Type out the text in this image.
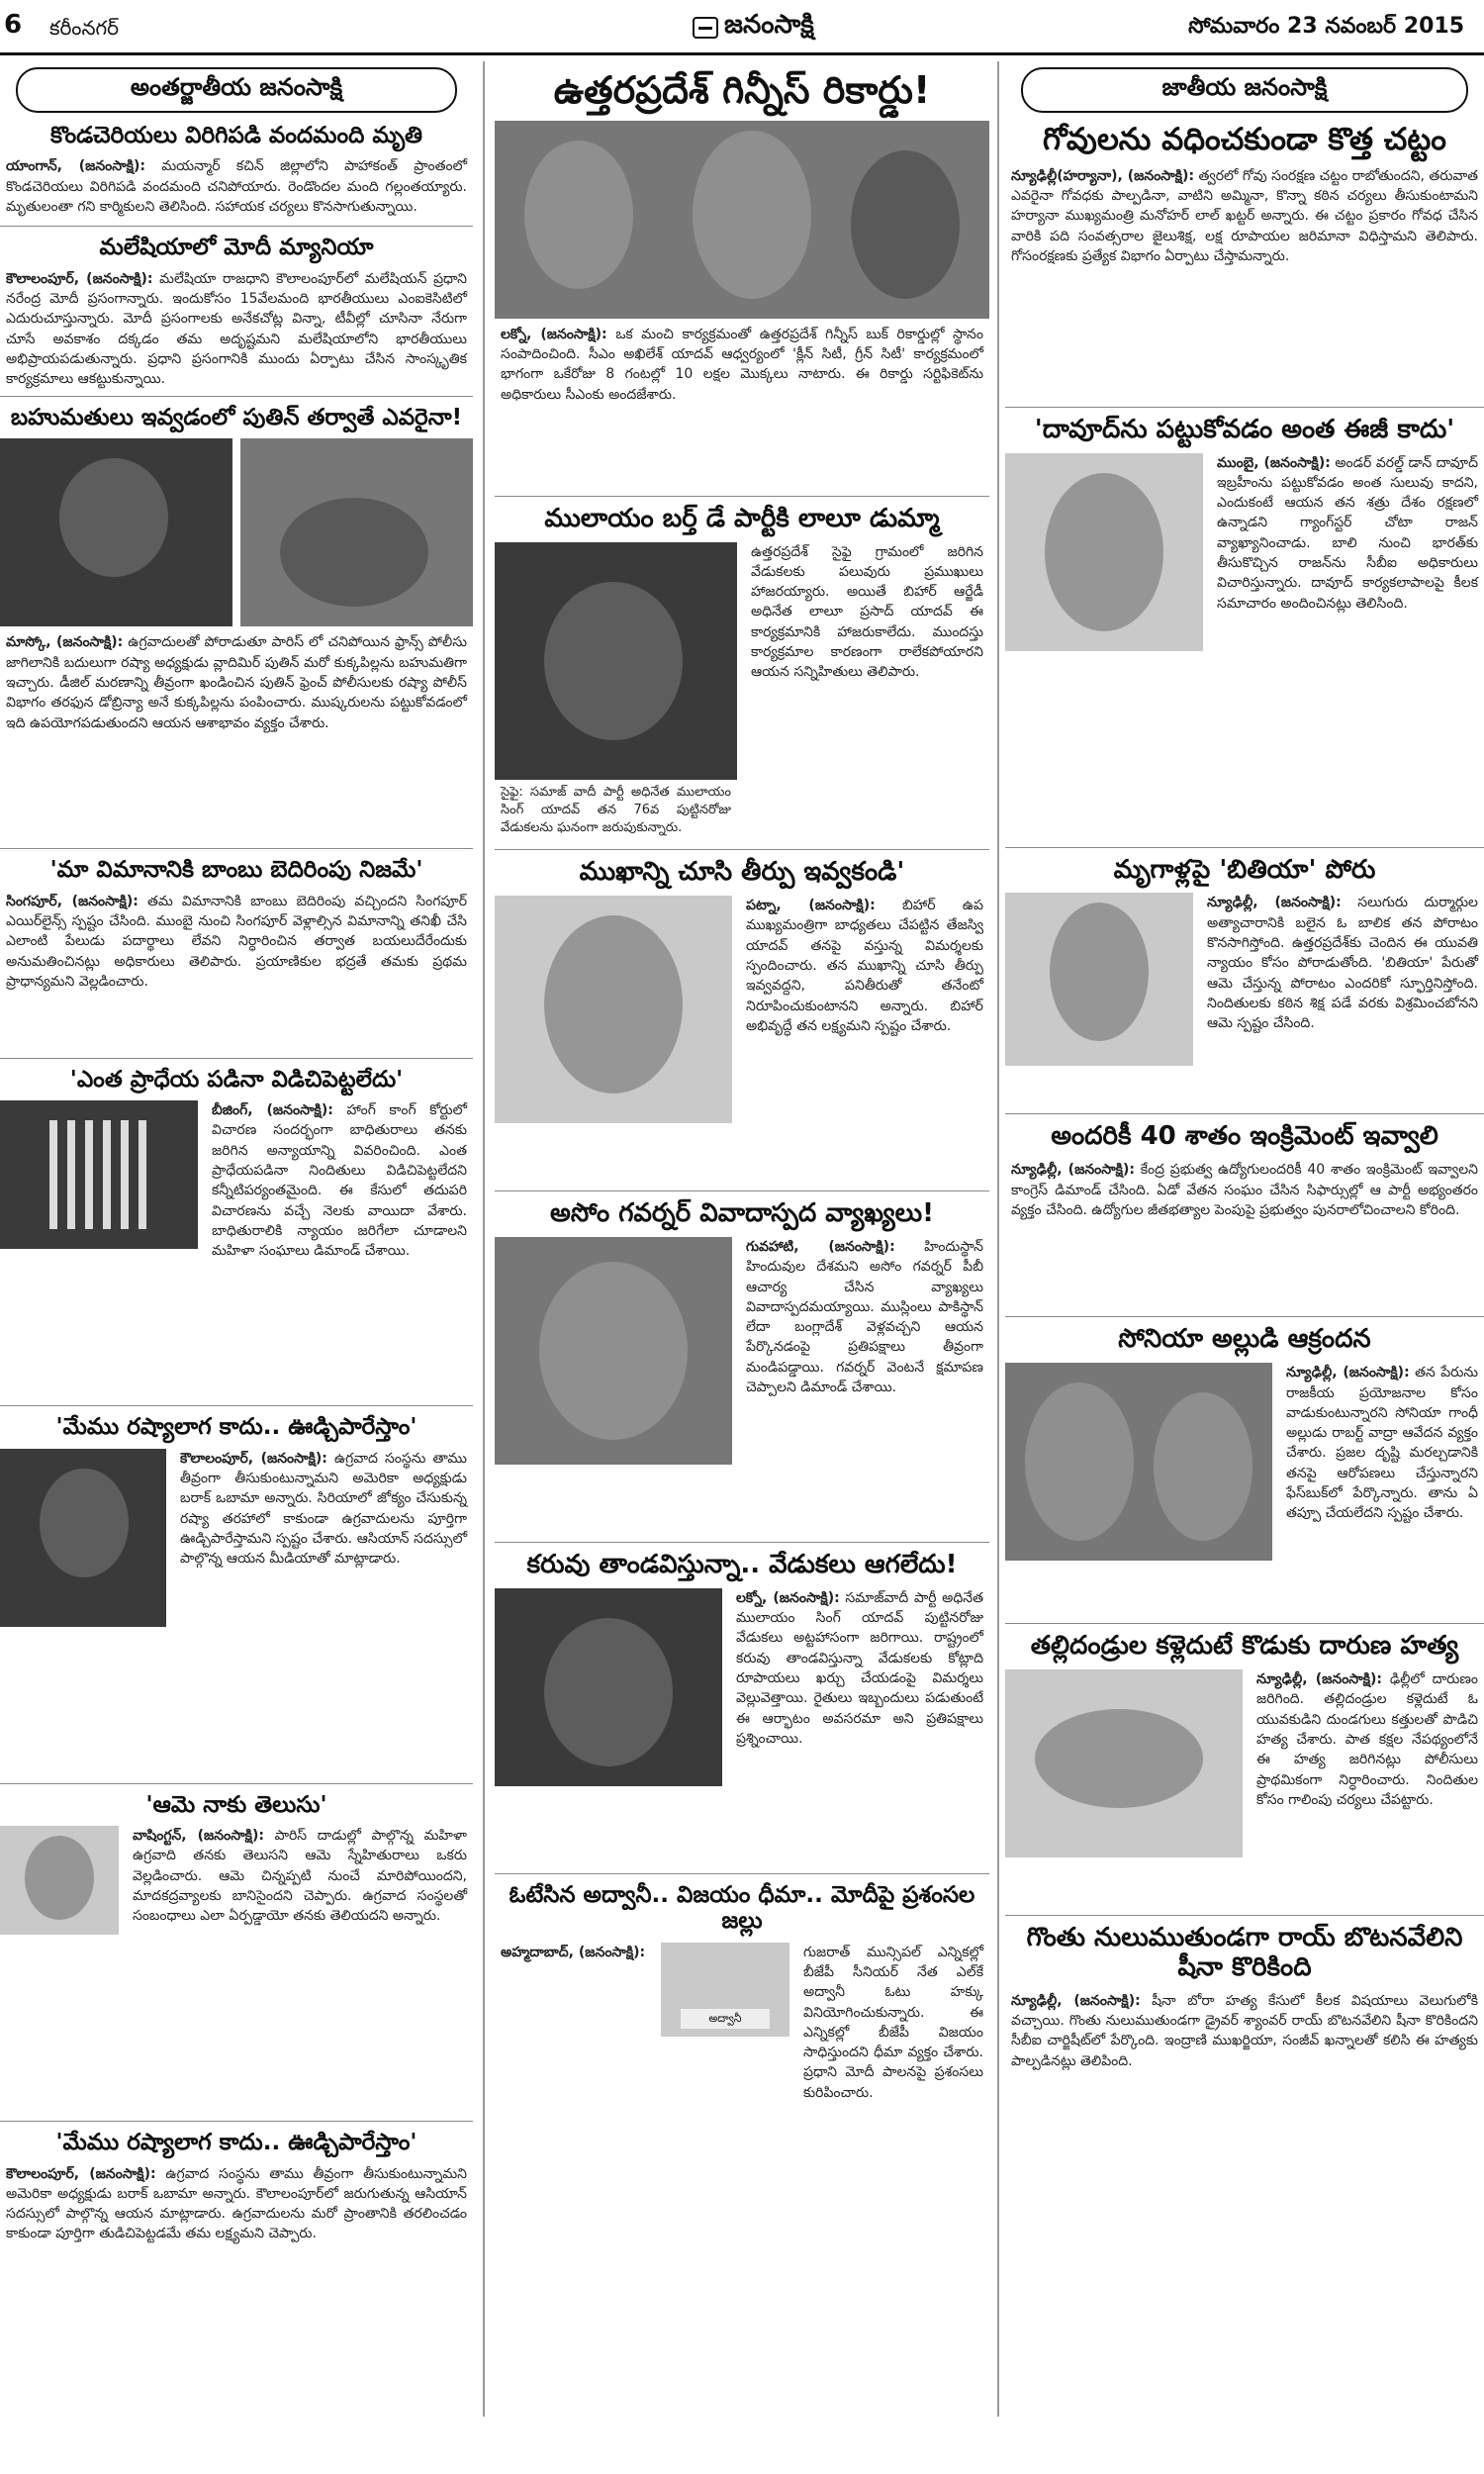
6 కరీంనగర్	జనంసాక్షి	సోమవారం 23 నవంబర్ 2015
అంతర్జాతీయ జనంసాక్షి
కొండచెరియలు విరిగిపడి వందమంది మృతి
యాంగాన్‌, (జనంసాక్షి): మయన్మార్‌ కచిన్‌ జిల్లాలోని పాహాకంత్‌ ప్రాంతంలో కొండచెరియలు విరిగిపడి వందమంది చనిపోయారు. రెండొందల మంది గల్లంతయ్యారు. మృతులంతా గని కార్మికులని తెలిసింది. సహాయక చర్యలు కొనసాగుతున్నాయి.
మలేషియాలో మోదీ మ్యానియా
కౌలాలంపూర్‌, (జనంసాక్షి): మలేషియా రాజధాని కౌలాలంపూర్‌లో మలేషియన్‌ ప్రధాని నరేంద్ర మోదీ ప్రసంగాన్నారు. ఇందుకోసం 15వేలమంది భారతీయులు ఎంఐకెసిటిలో ఎదురుచూస్తున్నారు. మోదీ ప్రసంగాలకు అనేకచోట్ల విన్నా, టీవీల్లో చూసినా నేరుగా చూసే అవకాశం దక్కడం తమ అదృష్టమని మలేషియాలోని భారతీయులు అభిప్రాయపడుతున్నారు. ప్రధాని ప్రసంగానికి ముందు ఏర్పాటు చేసిన సాంస్కృతిక కార్యక్రమాలు ఆకట్టుకున్నాయి.
బహుమతులు ఇవ్వడంలో పుతిన్‌ తర్వాతే ఎవరైనా!
మాస్కో, (జనంసాక్షి): ఉగ్రవాదులతో పోరాడుతూ పారిస్‌ లో చనిపోయిన ఫ్రాన్స్‌ పోలీసు జాగిలానికి బదులుగా రష్యా అధ్యక్షుడు వ్లాదిమిర్‌ పుతిన్‌ మరో కుక్కపిల్లను బహుమతిగా ఇచ్చారు. డీజిల్‌ మరణాన్ని తీవ్రంగా ఖండించిన పుతిన్‌ ఫ్రెంచ్‌ పోలీసులకు రష్యా పోలీస్‌ విభాగం తరఫున డోబ్రిన్యా అనే కుక్కపిల్లను పంపించారు. ముష్కరులను పట్టుకోవడంలో ఇది ఉపయోగపడుతుందని ఆయన ఆశాభావం వ్యక్తం చేశారు.
'మా విమానానికి బాంబు బెదిరింపు నిజమే'
సింగపూర్‌, (జనంసాక్షి): తమ విమానానికి బాంబు బెదిరింపు వచ్చిందని సింగపూర్‌ ఎయిర్‌లైన్స్‌ స్పష్టం చేసింది. ముంబై నుంచి సింగపూర్‌ వెళ్లాల్సిన విమానాన్ని తనిఖీ చేసి ఎలాంటి పేలుడు పదార్థాలు లేవని నిర్ధారించిన తర్వాత బయలుదేరేందుకు అనుమతించినట్లు అధికారులు తెలిపారు. ప్రయాణికుల భద్రతే తమకు ప్రథమ ప్రాధాన్యమని వెల్లడించారు.
'ఎంత ప్రాధేయ పడినా విడిచిపెట్టలేదు'
బీజింగ్‌, (జనంసాక్షి): హాంగ్‌ కాంగ్‌ కోర్టులో విచారణ సందర్భంగా బాధితురాలు తనకు జరిగిన అన్యాయాన్ని వివరించింది. ఎంత ప్రాధేయపడినా నిందితులు విడిచిపెట్టలేదని కన్నీటిపర్యంతమైంది. ఈ కేసులో తదుపరి విచారణను వచ్చే నెలకు వాయిదా వేశారు. బాధితురాలికి న్యాయం జరిగేలా చూడాలని మహిళా సంఘాలు డిమాండ్‌ చేశాయి.
'మేము రష్యాలాగ కాదు.. ఊడ్చిపారేస్తాం'
కౌలాలంపూర్‌, (జనంసాక్షి): ఉగ్రవాద సంస్థను తాము తీవ్రంగా తీసుకుంటున్నామని అమెరికా అధ్యక్షుడు బరాక్‌ ఒబామా అన్నారు. సిరియాలో జోక్యం చేసుకున్న రష్యా తరహాలో కాకుండా ఉగ్రవాదులను పూర్తిగా ఊడ్చిపారేస్తామని స్పష్టం చేశారు. ఆసియాన్‌ సదస్సులో పాల్గొన్న ఆయన మీడియాతో మాట్లాడారు.
'ఆమె నాకు తెలుసు'
వాషింగ్టన్‌, (జనంసాక్షి): పారిస్‌ దాడుల్లో పాల్గొన్న మహిళా ఉగ్రవాది తనకు తెలుసని ఆమె స్నేహితురాలు ఒకరు వెల్లడించారు. ఆమె చిన్నప్పటి నుంచే మారిపోయిందని, మాదకద్రవ్యాలకు బానిసైందని చెప్పారు. ఉగ్రవాద సంస్థలతో సంబంధాలు ఎలా ఏర్పడ్డాయో తనకు తెలియదని అన్నారు.
'మేము రష్యాలాగ కాదు.. ఊడ్చిపారేస్తాం'
కౌలాలంపూర్‌, (జనంసాక్షి): ఉగ్రవాద సంస్థను తాము తీవ్రంగా తీసుకుంటున్నామని అమెరికా అధ్యక్షుడు బరాక్‌ ఒబామా అన్నారు. కౌలాలంపూర్‌లో జరుగుతున్న ఆసియాన్‌ సదస్సులో పాల్గొన్న ఆయన మాట్లాడారు. ఉగ్రవాదులను మరో ప్రాంతానికి తరలించడం కాకుండా పూర్తిగా తుడిచిపెట్టడమే తమ లక్ష్యమని చెప్పారు.
ఉత్తరప్రదేశ్‌ గిన్నీస్‌ రికార్డు!
లక్నో, (జనంసాక్షి): ఒక మంచి కార్యక్రమంతో ఉత్తరప్రదేశ్‌ గిన్నీస్‌ బుక్‌ రికార్డుల్లో స్థానం సంపాదించింది. సీఎం అఖిలేశ్‌ యాదవ్‌ ఆధ్వర్యంలో 'క్లీన్‌ సిటీ, గ్రీన్‌ సిటీ' కార్యక్రమంలో భాగంగా ఒకేరోజు 8 గంటల్లో 10 లక్షల మొక్కలు నాటారు. ఈ రికార్డు సర్టిఫికెట్‌ను అధికారులు సీఎంకు అందజేశారు.
ములాయం బర్త్‌ డే పార్టీకి లాలూ డుమ్మా
సైఫై: సమాజ్‌ వాదీ పార్టీ అధినేత ములాయం సింగ్‌ యాదవ్‌ తన 76వ పుట్టినరోజు వేడుకలను ఘనంగా జరుపుకున్నారు.
ఉత్తరప్రదేశ్‌ సైఫై గ్రామంలో జరిగిన వేడుకలకు పలువురు ప్రముఖులు హాజరయ్యారు. అయితే బిహార్‌ ఆర్జేడీ అధినేత లాలూ ప్రసాద్‌ యాదవ్‌ ఈ కార్యక్రమానికి హాజరుకాలేదు. ముందస్తు కార్యక్రమాల కారణంగా రాలేకపోయారని ఆయన సన్నిహితులు తెలిపారు.
ముఖాన్ని చూసి తీర్పు ఇవ్వకండి'
పట్నా, (జనంసాక్షి): బిహార్‌ ఉప ముఖ్యమంత్రిగా బాధ్యతలు చేపట్టిన తేజస్వి యాదవ్‌ తనపై వస్తున్న విమర్శలకు స్పందించారు. తన ముఖాన్ని చూసి తీర్పు ఇవ్వవద్దని, పనితీరుతో తనేంటో నిరూపించుకుంటానని అన్నారు. బిహార్‌ అభివృద్ధే తన లక్ష్యమని స్పష్టం చేశారు.
అసోం గవర్నర్‌ వివాదాస్పద వ్యాఖ్యలు!
గువహాటి, (జనంసాక్షి): హిందుస్థాన్‌ హిందువుల దేశమని అసోం గవర్నర్‌ పీబీ ఆచార్య చేసిన వ్యాఖ్యలు వివాదాస్పదమయ్యాయి. ముస్లింలు పాకిస్థాన్‌ లేదా బంగ్లాదేశ్‌ వెళ్లవచ్చని ఆయన పేర్కొనడంపై ప్రతిపక్షాలు తీవ్రంగా మండిపడ్డాయి. గవర్నర్‌ వెంటనే క్షమాపణ చెప్పాలని డిమాండ్‌ చేశాయి.
కరువు తాండవిస్తున్నా.. వేడుకలు ఆగలేదు!
లక్నో, (జనంసాక్షి): సమాజ్‌వాదీ పార్టీ అధినేత ములాయం సింగ్‌ యాదవ్‌ పుట్టినరోజు వేడుకలు అట్టహాసంగా జరిగాయి. రాష్ట్రంలో కరువు తాండవిస్తున్నా వేడుకలకు కోట్లాది రూపాయలు ఖర్చు చేయడంపై విమర్శలు వెల్లువెత్తాయి. రైతులు ఇబ్బందులు పడుతుంటే ఈ ఆర్భాటం అవసరమా అని ప్రతిపక్షాలు ప్రశ్నించాయి.
ఓటేసిన అద్వానీ.. విజయం ధీమా.. మోదీపై ప్రశంసల జల్లు
అహ్మదాబాద్‌, (జనంసాక్షి):
అద్వానీ
గుజరాత్‌ మున్సిపల్‌ ఎన్నికల్లో బీజేపీ సీనియర్‌ నేత ఎల్‌కే అద్వానీ ఓటు హక్కు వినియోగించుకున్నారు. ఈ ఎన్నికల్లో బీజేపీ విజయం సాధిస్తుందని ధీమా వ్యక్తం చేశారు. ప్రధాని మోదీ పాలనపై ప్రశంసలు కురిపించారు.
జాతీయ జనంసాక్షి
గోవులను వధించకుండా కొత్త చట్టం
న్యూఢిల్లీ(హర్యానా), (జనంసాక్షి): త్వరలో గోవు సంరక్షణ చట్టం రాబోతుందని, తరువాత ఎవరైనా గోవధకు పాల్పడినా, వాటిని అమ్మినా, కొన్నా కఠిన చర్యలు తీసుకుంటామని హర్యానా ముఖ్యమంత్రి మనోహర్‌ లాల్‌ ఖట్టర్‌ అన్నారు. ఈ చట్టం ప్రకారం గోవధ చేసిన వారికి పది సంవత్సరాల జైలుశిక్ష, లక్ష రూపాయల జరిమానా విధిస్తామని తెలిపారు. గోసంరక్షణకు ప్రత్యేక విభాగం ఏర్పాటు చేస్తామన్నారు.
'దావూద్‌ను పట్టుకోవడం అంత ఈజీ కాదు'
ముంబై, (జనంసాక్షి): అండర్‌ వరల్డ్‌ డాన్‌ దావూద్‌ ఇబ్రహీంను పట్టుకోవడం అంత సులువు కాదని, ఎందుకంటే ఆయన తన శత్రు దేశం రక్షణలో ఉన్నాడని గ్యాంగ్‌స్టర్‌ చోటా రాజన్‌ వ్యాఖ్యానించాడు. బాలి నుంచి భారత్‌కు తీసుకొచ్చిన రాజన్‌ను సీబీఐ అధికారులు విచారిస్తున్నారు. దావూద్‌ కార్యకలాపాలపై కీలక సమాచారం అందించినట్లు తెలిసింది.
మృగాళ్లపై 'బితియా' పోరు
న్యూఢిల్లీ, (జనంసాక్షి): సలుగురు దుర్మార్గుల అత్యాచారానికి బలైన ఓ బాలిక తన పోరాటం కొనసాగిస్తోంది. ఉత్తరప్రదేశ్‌కు చెందిన ఈ యువతి న్యాయం కోసం పోరాడుతోంది. 'బితియా' పేరుతో ఆమె చేస్తున్న పోరాటం ఎందరికో స్ఫూర్తినిస్తోంది. నిందితులకు కఠిన శిక్ష పడే వరకు విశ్రమించబోనని ఆమె స్పష్టం చేసింది.
అందరికీ 40 శాతం ఇంక్రిమెంట్‌ ఇవ్వాలి
న్యూఢిల్లీ, (జనంసాక్షి): కేంద్ర ప్రభుత్వ ఉద్యోగులందరికీ 40 శాతం ఇంక్రిమెంట్‌ ఇవ్వాలని కాంగ్రెస్‌ డిమాండ్‌ చేసింది. ఏడో వేతన సంఘం చేసిన సిఫార్సుల్లో ఆ పార్టీ అభ్యంతరం వ్యక్తం చేసింది. ఉద్యోగుల జీతభత్యాల పెంపుపై ప్రభుత్వం పునరాలోచించాలని కోరింది.
సోనియా అల్లుడి ఆక్రందన
న్యూఢిల్లీ, (జనంసాక్షి): తన పేరును రాజకీయ ప్రయోజనాల కోసం వాడుకుంటున్నారని సోనియా గాంధీ అల్లుడు రాబర్ట్‌ వాద్రా ఆవేదన వ్యక్తం చేశారు. ప్రజల దృష్టి మరల్చడానికి తనపై ఆరోపణలు చేస్తున్నారని ఫేస్‌బుక్‌లో పేర్కొన్నారు. తాను ఏ తప్పూ చేయలేదని స్పష్టం చేశారు.
తల్లిదండ్రుల కళ్లెదుటే కొడుకు దారుణ హత్య
న్యూఢిల్లీ, (జనంసాక్షి): ఢిల్లీలో దారుణం జరిగింది. తల్లిదండ్రుల కళ్లెదుటే ఓ యువకుడిని దుండగులు కత్తులతో పొడిచి హత్య చేశారు. పాత కక్షల నేపథ్యంలోనే ఈ హత్య జరిగినట్లు పోలీసులు ప్రాథమికంగా నిర్ధారించారు. నిందితుల కోసం గాలింపు చర్యలు చేపట్టారు.
గొంతు నులుముతుండగా రాయ్‌ బొటనవేలిని షీనా కొరికింది
న్యూఢిల్లీ, (జనంసాక్షి): షీనా బోరా హత్య కేసులో కీలక విషయాలు వెలుగులోకి వచ్చాయి. గొంతు నులుముతుండగా డ్రైవర్‌ శ్యాంవర్‌ రాయ్‌ బొటనవేలిని షీనా కొరికిందని సీబీఐ చార్జిషీట్‌లో పేర్కొంది. ఇంద్రాణి ముఖర్జియా, సంజీవ్‌ ఖన్నాలతో కలిసి ఈ హత్యకు పాల్పడినట్లు తెలిపింది.
